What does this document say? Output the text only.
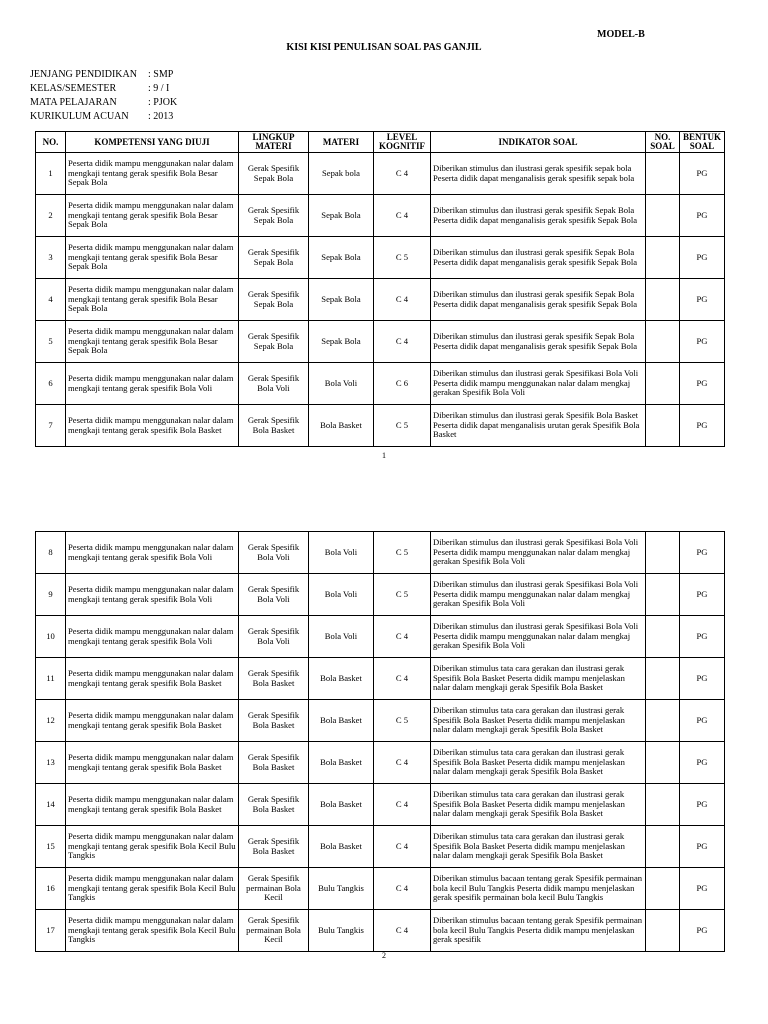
MODEL-B
KISI KISI PENULISAN SOAL PAS GANJIL
JENJANG PENDIDIKAN	: SMP
KELAS/SEMESTER	: 9 / I
MATA PELAJARAN	: PJOK
KURIKULUM ACUAN	: 2013
NO.	KOMPETENSI YANG DIUJI	LINGKUP MATERI	MATERI	LEVEL KOGNITIF	INDIKATOR SOAL	NO. SOAL	BENTUK SOAL
1	Peserta didik mampu menggunakan nalar dalam mengkaji tentang gerak spesifik Bola Besar Sepak Bola	Gerak Spesifik Sepak Bola	Sepak bola	C 4	Diberikan stimulus dan ilustrasi gerak spesifik sepak bola Peserta didik dapat menganalisis gerak spesifik sepak bola		PG
2	Peserta didik mampu menggunakan nalar dalam mengkaji tentang gerak spesifik Bola Besar Sepak Bola	Gerak Spesifik Sepak Bola	Sepak Bola	C 4	Diberikan stimulus dan ilustrasi gerak spesifik Sepak Bola Peserta didik dapat menganalisis gerak spesifik Sepak Bola		PG
3	Peserta didik mampu menggunakan nalar dalam mengkaji tentang gerak spesifik Bola Besar Sepak Bola	Gerak Spesifik Sepak Bola	Sepak Bola	C 5	Diberikan stimulus dan ilustrasi gerak spesifik Sepak Bola Peserta didik dapat menganalisis gerak spesifik Sepak Bola		PG
4	Peserta didik mampu menggunakan nalar dalam mengkaji tentang gerak spesifik Bola Besar Sepak Bola	Gerak Spesifik Sepak Bola	Sepak Bola	C 4	Diberikan stimulus dan ilustrasi gerak spesifik Sepak Bola Peserta didik dapat menganalisis gerak spesifik Sepak Bola		PG
5	Peserta didik mampu menggunakan nalar dalam mengkaji tentang gerak spesifik Bola Besar Sepak Bola	Gerak Spesifik Sepak Bola	Sepak Bola	C 4	Diberikan stimulus dan ilustrasi gerak spesifik Sepak Bola Peserta didik dapat menganalisis gerak spesifik Sepak Bola		PG
6	Peserta didik mampu menggunakan nalar dalam mengkaji tentang gerak spesifik Bola Voli	Gerak Spesifik Bola Voli	Bola Voli	C 6	Diberikan stimulus dan ilustrasi gerak Spesifikasi Bola Voli Peserta didik mampu menggunakan nalar dalam mengkaj gerakan Spesifik Bola Voli		PG
7	Peserta didik mampu menggunakan nalar dalam mengkaji tentang gerak spesifik Bola Basket	Gerak Spesifik Bola Basket	Bola Basket	C 5	Diberikan stimulus dan ilustrasi gerak Spesifik Bola Basket Peserta didik dapat menganalisis urutan gerak Spesifik Bola Basket		PG
1
8	Peserta didik mampu menggunakan nalar dalam mengkaji tentang gerak spesifik Bola Voli	Gerak Spesifik Bola Voli	Bola Voli	C 5	Diberikan stimulus dan ilustrasi gerak Spesifikasi Bola Voli Peserta didik mampu menggunakan nalar dalam mengkaj gerakan Spesifik Bola Voli		PG
9	Peserta didik mampu menggunakan nalar dalam mengkaji tentang gerak spesifik Bola Voli	Gerak Spesifik Bola Voli	Bola Voli	C 5	Diberikan stimulus dan ilustrasi gerak Spesifikasi Bola Voli Peserta didik mampu menggunakan nalar dalam mengkaj gerakan Spesifik Bola Voli		PG
10	Peserta didik mampu menggunakan nalar dalam mengkaji tentang gerak spesifik Bola Voli	Gerak Spesifik Bola Voli	Bola Voli	C 4	Diberikan stimulus dan ilustrasi gerak Spesifikasi Bola Voli Peserta didik mampu menggunakan nalar dalam mengkaj gerakan Spesifik Bola Voli		PG
11	Peserta didik mampu menggunakan nalar dalam mengkaji tentang gerak spesifik Bola Basket	Gerak Spesifik Bola Basket	Bola Basket	C 4	Diberikan stimulus tata cara gerakan dan ilustrasi gerak Spesifik Bola Basket Peserta didik mampu menjelaskan nalar dalam mengkaji gerak Spesifik Bola Basket		PG
12	Peserta didik mampu menggunakan nalar dalam mengkaji tentang gerak spesifik Bola Basket	Gerak Spesifik Bola Basket	Bola Basket	C 5	Diberikan stimulus tata cara gerakan dan ilustrasi gerak Spesifik Bola Basket Peserta didik mampu menjelaskan nalar dalam mengkaji gerak Spesifik Bola Basket		PG
13	Peserta didik mampu menggunakan nalar dalam mengkaji tentang gerak spesifik Bola Basket	Gerak Spesifik Bola Basket	Bola Basket	C 4	Diberikan stimulus tata cara gerakan dan ilustrasi gerak Spesifik Bola Basket Peserta didik mampu menjelaskan nalar dalam mengkaji gerak Spesifik Bola Basket		PG
14	Peserta didik mampu menggunakan nalar dalam mengkaji tentang gerak spesifik Bola Basket	Gerak Spesifik Bola Basket	Bola Basket	C 4	Diberikan stimulus tata cara gerakan dan ilustrasi gerak Spesifik Bola Basket Peserta didik mampu menjelaskan nalar dalam mengkaji gerak Spesifik Bola Basket		PG
15	Peserta didik mampu menggunakan nalar dalam mengkaji tentang gerak spesifik Bola Kecil Bulu Tangkis	Gerak Spesifik Bola Basket	Bola Basket	C 4	Diberikan stimulus tata cara gerakan dan ilustrasi gerak Spesifik Bola Basket Peserta didik mampu menjelaskan nalar dalam mengkaji gerak Spesifik Bola Basket		PG
16	Peserta didik mampu menggunakan nalar dalam mengkaji tentang gerak spesifik Bola Kecil Bulu Tangkis	Gerak Spesifik permainan Bola Kecil	Bulu Tangkis	C 4	Diberikan stimulus bacaan tentang gerak Spesifik permainan bola kecil Bulu Tangkis Peserta didik mampu menjelaskan gerak spesifik permainan bola kecil Bulu Tangkis		PG
17	Peserta didik mampu menggunakan nalar dalam mengkaji tentang gerak spesifik Bola Kecil Bulu Tangkis	Gerak Spesifik permainan Bola Kecil	Bulu Tangkis	C 4	Diberikan stimulus bacaan tentang gerak Spesifik permainan bola kecil Bulu Tangkis Peserta didik mampu menjelaskan gerak spesifik		PG
2
